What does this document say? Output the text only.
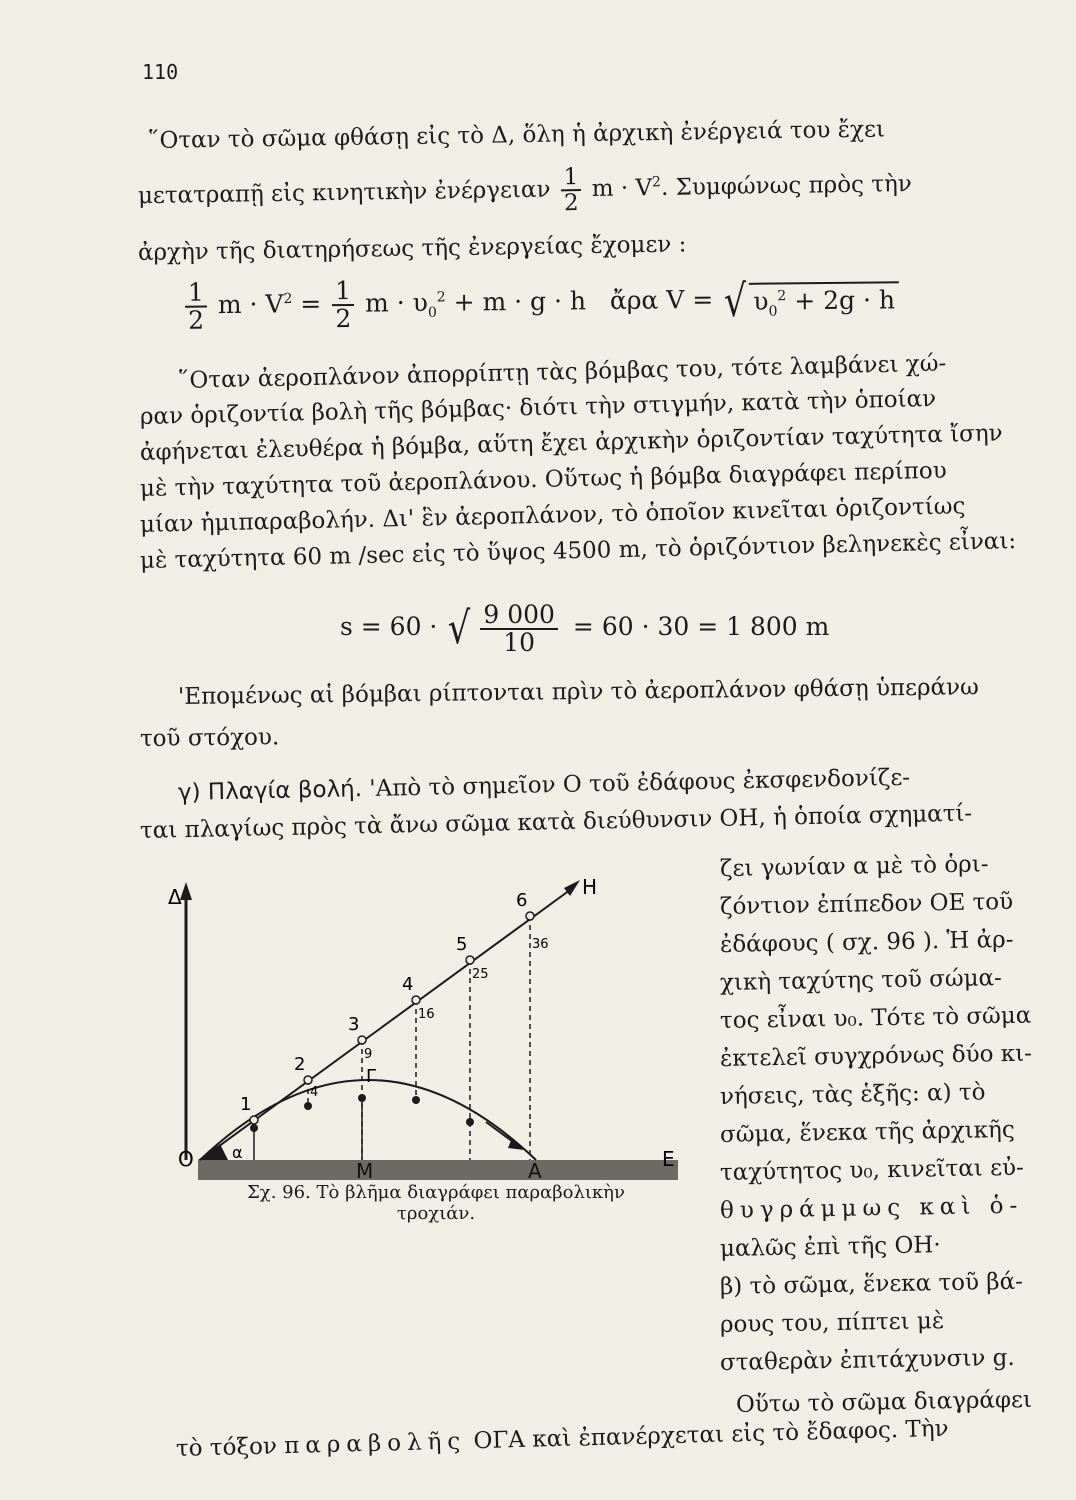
110
῞Οταν τὸ σῶμα φθάσῃ εἰς τὸ Δ, ὅλη ἡ ἀρχικὴ ἐνέργειά του ἔχει
μετατραπῇ εἰς κινητικὴν ἐνέργειαν $\frac{1}{2}$ $m \cdot V^2$. Συμφώνως πρὸς τὴν
ἀρχὴν τῆς διατηρήσεως τῆς ἐνεργείας ἔχομεν :
$\frac{1}{2}$ $m \cdot V^2 = \frac{1}{2}$ $m \cdot \upsilon_0^2 + m \cdot g \cdot h$ ἄρα V = √ $\upsilon_0^2 + 2g \cdot h$
῞Οταν ἀεροπλάνον ἀπορρίπτῃ τὰς βόμβας του, τότε λαμβάνει χώ-
ραν ὁριζοντία βολὴ τῆς βόμβας· διότι τὴν στιγμήν, κατὰ τὴν ὁποίαν
ἀφήνεται ἐλευθέρα ἡ βόμβα, αὕτη ἔχει ἀρχικὴν ὁριζοντίαν ταχύτητα ἴσην
μὲ τὴν ταχύτητα τοῦ ἀεροπλάνου. Οὕτως ἡ βόμβα διαγράφει περίπου
μίαν ἡμιπαραβολήν. Δι' ἓν ἀεροπλάνον, τὸ ὁποῖον κινεῖται ὁριζοντίως
μὲ ταχύτητα 60 m /sec εἰς τὸ ὕψος 4500 m, τὸ ὁριζόντιον βεληνεκὲς εἶναι:
s = 60 · √ $\frac{9 000}{10} = 60 \cdot 30 = 1$ 800 m
'Επομένως αἱ βόμβαι ρίπτονται πρὶν τὸ ἀεροπλάνον φθάσῃ ὑπεράνω
τοῦ στόχου.
γ) Πλαγία βολή. 'Απὸ τὸ σημεῖον Ο τοῦ ἐδάφους ἐκσφενδονίζε-
ται πλαγίως πρὸς τὰ ἄνω σῶμα κατὰ διεύθυνσιν ΟΗ, ἡ ὁποία σχηματί-
ζει γωνίαν α μὲ τὸ ὁρι-
ζόντιον ἐπίπεδον ΟΕ τοῦ
ἐδάφους ( σχ. 96 ). Ἡ ἀρ-
χικὴ ταχύτης τοῦ σώμα-
τος εἶναι υ₀. Τότε τὸ σῶμα
ἐκτελεῖ συγχρόνως δύο κι-
νήσεις, τὰς ἑξῆς: α) τὸ
σῶμα, ἕνεκα τῆς ἀρχικῆς
ταχύτητος υ₀, κινεῖται εὐ-
θυγράμμως καὶ ὁ-
μαλῶς ἐπὶ τῆς ΟΗ·
β) τὸ σῶμα, ἕνεκα τοῦ βά-
ρους του, πίπτει μὲ
σταθερὰν ἐπιτάχυνσιν g.
Οὕτω τὸ σῶμα διαγράφει
τὸ τόξον παραβολῆς ΟΓΑ καὶ ἐπανέρχεται εἰς τὸ ἔδαφος. Τὴν
Δ	Η
Ο	Ε
Μ	Α
Γ
α
1
2
3
4
5
6
4
9
16
25
36
Σχ. 96. Τὸ βλῆμα διαγράφει παραβολικὴν
τροχιάν.
